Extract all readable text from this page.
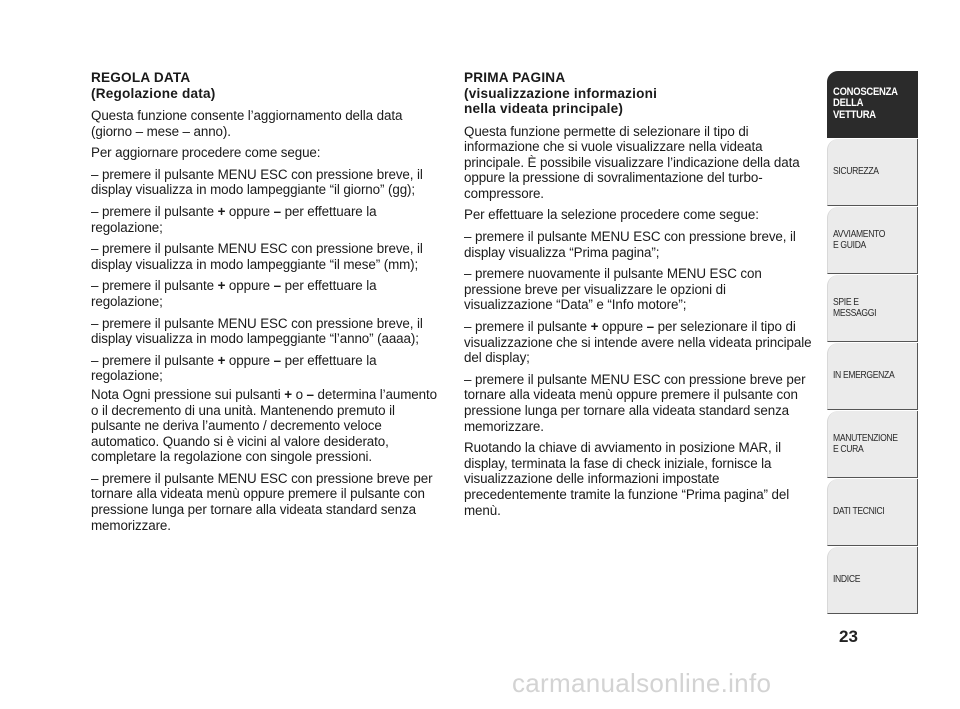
REGOLA DATA
(Regolazione data)

Questa funzione consente l’aggiornamento della data (giorno – mese – anno).

Per aggiornare procedere come segue:

– premere il pulsante MENU ESC con pressione breve, il display visualizza in modo lampeggiante “il giorno” (gg);

– premere il pulsante + oppure – per effettuare la regolazione;

– premere il pulsante MENU ESC con pressione breve, il display visualizza in modo lampeggiante “il mese” (mm);

– premere il pulsante + oppure – per effettuare la regolazione;

– premere il pulsante MENU ESC con pressione breve, il display visualizza in modo lampeggiante “l’anno” (aaaa);

– premere il pulsante + oppure – per effettuare la regolazione;

Nota Ogni pressione sui pulsanti + o – determina l’aumento o il decremento di una unità. Mantenendo premuto il pulsante ne deriva l’aumento / decremento veloce automatico. Quando si è vicini al valore desiderato, completare la regolazione con singole pressioni.

– premere il pulsante MENU ESC con pressione breve per tornare alla videata menù oppure premere il pulsante con pressione lunga per tornare alla videata standard senza memorizzare.

PRIMA PAGINA
(visualizzazione informazioni
nella videata principale)

Questa funzione permette di selezionare il tipo di informazione che si vuole visualizzare nella videata principale. È possibile visualizzare l’indicazione della data oppure la pressione di sovralimentazione del turbo-compressore.

Per effettuare la selezione procedere come segue:

– premere il pulsante MENU ESC con pressione breve, il display visualizza “Prima pagina”;

– premere nuovamente il pulsante MENU ESC con pressione breve per visualizzare le opzioni di visualizzazione “Data” e “Info motore”;

– premere il pulsante + oppure – per selezionare il tipo di visualizzazione che si intende avere nella videata principale del display;

– premere il pulsante MENU ESC con pressione breve per tornare alla videata menù oppure premere il pulsante con pressione lunga per tornare alla videata standard senza memorizzare.

Ruotando la chiave di avviamento in posizione MAR, il display, terminata la fase di check iniziale, fornisce la visualizzazione delle informazioni impostate precedentemente tramite la funzione “Prima pagina” del menù.

CONOSCENZA
DELLA
VETTURA
SICUREZZA
AVVIAMENTO
E GUIDA
SPIE E
MESSAGGI
IN EMERGENZA
MANUTENZIONE
E CURA
DATI TECNICI
INDICE
23
carmanualsonline.info
